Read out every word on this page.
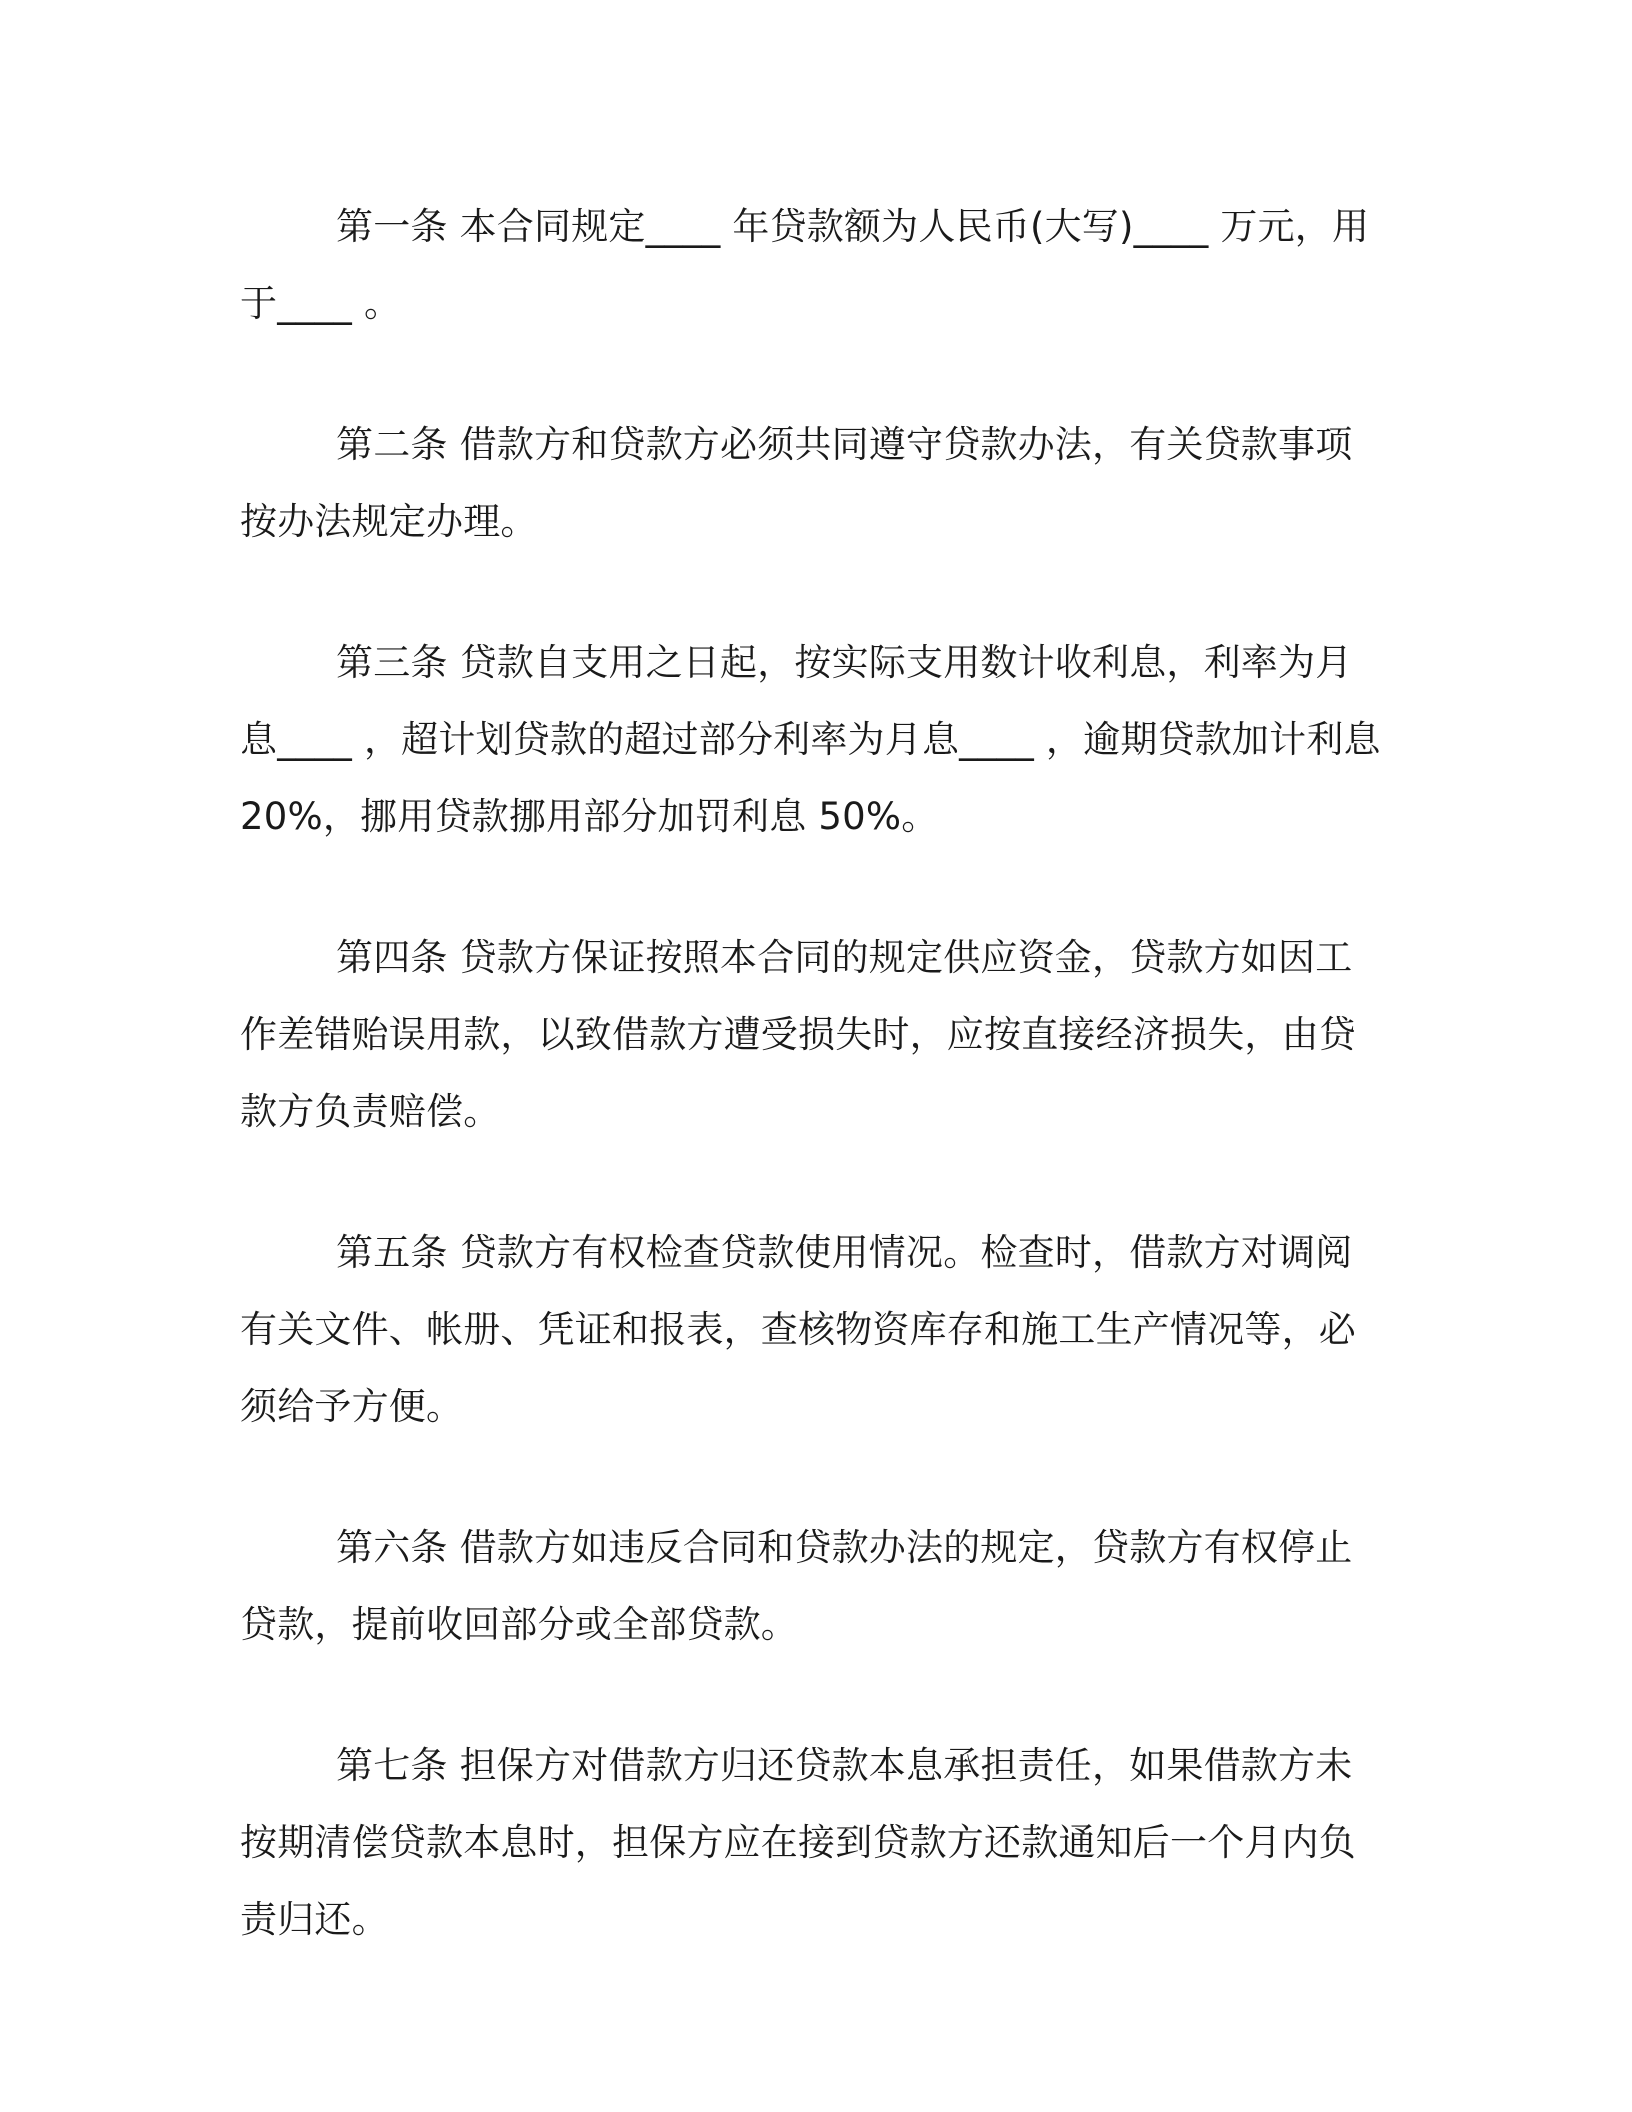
第一条 本合同规定____ 年贷款额为人民币(大写)____ 万元，用于____ 。

第二条 借款方和贷款方必须共同遵守贷款办法，有关贷款事项按办法规定办理。

第三条 贷款自支用之日起，按实际支用数计收利息，利率为月息____ ，超计划贷款的超过部分利率为月息____ ，逾期贷款加计利息 20%，挪用贷款挪用部分加罚利息 50%。

第四条 贷款方保证按照本合同的规定供应资金，贷款方如因工作差错贻误用款，以致借款方遭受损失时，应按直接经济损失，由贷款方负责赔偿。

第五条 贷款方有权检查贷款使用情况。检查时，借款方对调阅有关文件、帐册、凭证和报表，查核物资库存和施工生产情况等，必须给予方便。

第六条 借款方如违反合同和贷款办法的规定，贷款方有权停止贷款，提前收回部分或全部贷款。

第七条 担保方对借款方归还贷款本息承担责任，如果借款方未按期清偿贷款本息时，担保方应在接到贷款方还款通知后一个月内负责归还。
